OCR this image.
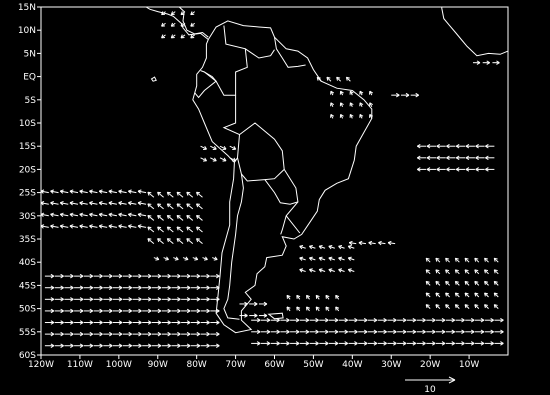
15N
10N
5N
EQ
5S
10S
15S
20S
25S
30S
35S
40S
45S
50S
55S
60S
120W 110W 100W 90W 80W 70W 60W 50W 40W 30W 20W 10W
10
